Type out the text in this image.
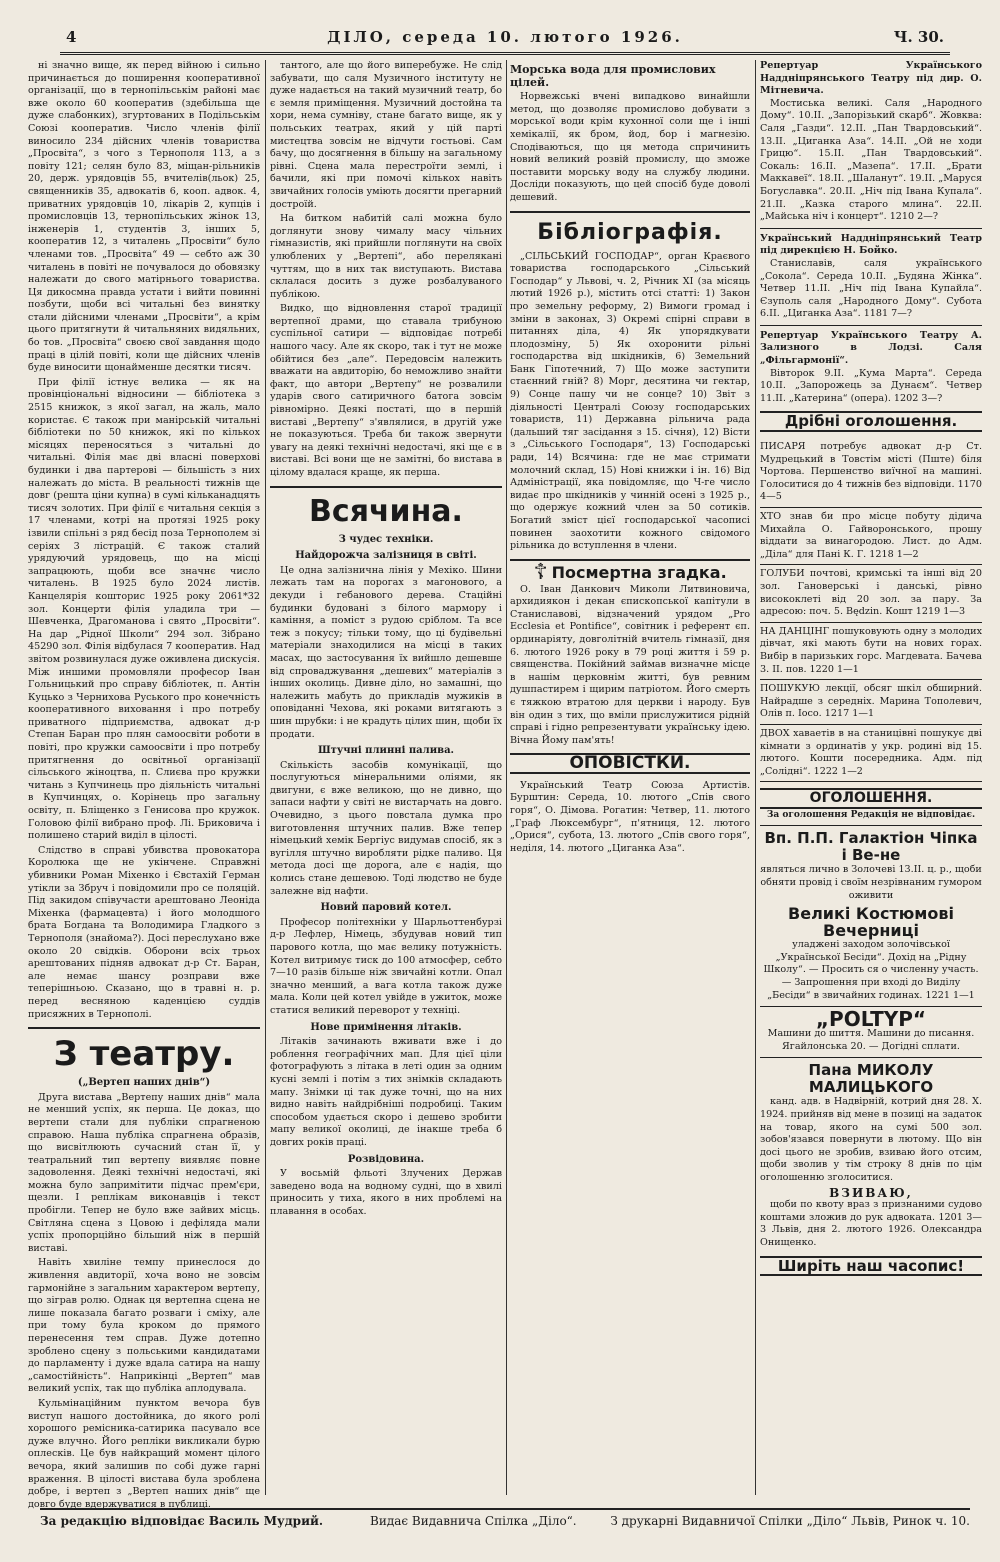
4	ДІЛО, середа 10. лютого 1926.	Ч. 30.

ні значно вище, як перед війною і сильно причинається до поширення кооперативної організації, що в тернопільськім районі має вже около 60 кооператив (здебільша ще дуже слабонких), згуртованих в Подільськім Союзі кооператив. Число членів філії виносило 234 дійсних членів товариства „Просвіта“, з чого з Тернополя 113, а з повіту 121; селян було 83, міщан-рільників 20, держ. урядовців 55, вчителів(льок) 25, священників 35, адвокатів 6, кооп. адвок. 4, приватних урядовців 10, лікарів 2, купців і промисловців 13, тернопільських жінок 13, інженерів 1, студентів 3, інших 5, кооператив 12, з читалень „Просвіти“ було членами тов. „Просвіта“ 49 — себто аж 30 читалень в повіті не почувалося до обовязку належати до свого матірнього товариства. Ця дикосмна правда устати і вийти повинні позбути, щоби всі читальні без винятку стали дійсними членами „Просвіти“, а крім цього притягнути й читальняних видяльних, бо тов. „Просвіта“ своєю свої завдання щодо праці в цілій повіті, коли ще дійсних членів буде виносити щонайменше десятки тисяч.

При філії істнує велика — як на провінціональні відносини — бібліотека з 2515 книжок, з якої загал, на жаль, мало користає. Є також при манірській читальні бібліотеки по 50 книжок, які по кількох місяцях переносяться з читальні до читальні. Філія має дві власні поверхові будинки і два партерові — більшість з них належать до міста. В реальності тижнів ще довг (решта ціни купна) в сумі кільканадцять тисяч золотих. При філії є читальня секція з 17 членами, котрі на протязі 1925 року ізвили спільні з ряд бесід поза Тернополем зі серіях 3 лістрацій. Є також сталий урядуючий урядовець, що на місці запрацюють, щоби все значнє число читалень. В 1925 було 2024 листів. Канцелярія кошторис 1925 року 2061*32 зол. Концерти філія уладила три — Шевченка, Драгоманова і свято „Просвіти“. На дар „Рідної Школи“ 294 зол. Зібрано 45290 зол. Філія відбулася 7 кооператив. Над звітом розвинулася дуже оживлена дискусія. Між иншими промовляли професор Іван Гольницький про справу бібліотек, п. Антін Куцько з Чернихова Руського про конечність кооперативного виховання і про потребу приватного підприємства, адвокат д-р Степан Баран про плян самоосвіти роботи в повіті, про кружки самоосвіти і про потребу притягнення до освітньої організації сільського жіноцтва, п. Слиєва про кружки читань з Купчинець про діяльність читальні в Купчинцях, о. Корінець про загальну освіту, п. Бліщенко з Генисова про кружок. Головою філії вибрано проф. Лі. Бриковича і полишено старий виділ в цілості.

Слідство в справі убивства провокатора Королюка ще не укінчене. Справжні убивники Роман Міхенко і Євстахій Герман утікли за Збруч і повідомили про се поляцій. Під закидом співучасти арештовано Леоніда Міхенка (фармацевта) і його молодшого брата Богдана та Володимира Гладкого з Тернополя (знайома?). Досі переслухано вже около 20 свідків. Оборони всіх трьох арештованих підняв адвокат д-р Ст. Баран, але немає шансу розправи вже теперішньою. Сказано, що в травні н. р. перед весняною каденцією суддів присяжних в Тернополі.

З театру.
(„Вертеп наших днів“)

Друга вистава „Вертепу наших днів“ мала не менший успіх, як перша. Це доказ, що вертепи стали для публіки спрагненою справою. Наша публіка спрагнена образів, що висвітлюють сучасний стан її, у театральний тип вертепу виявляє повне задоволення. Деякі технічні недостачі, які можна було запримітити підчас прем'єри, щезли. І реплікам виконавців і текст пробігли. Тепер не було вже зайвих місць. Світляна сцена з Цовою і дефіляда мали успіх пропорційно більший ніж в першій виставі.

Навіть хвиліне темпу принеслося до живлення авдиторії, хоча воно не зовсім гармонійне з загальним характером вертепу, що зіграв ролю. Однак ця вертепна сцена не лише показала багато розваги і сміху, але при тому була кроком до прямого перенесення тем справ. Дуже дотепно зроблено сцену з польськими кандидатами до парламенту і дуже вдала сатира на нашу „самостійність“. Наприкінці „Вертеп“ мав великий успіх, так що публіка аплодувала.

Кульмінаційним пунктом вечора був виступ нашого достойника, до якого ролі хорошого ремісника-сатирика пасувало все дуже влучно. Його репліки викликали бурю оплесків. Це був найкращий момент цілого вечора, який залишив по собі дуже гарні враження. В цілості вистава була зроблена добре, і вертеп з „Вертеп наших днів“ ще довго буде вдержуватися в публиці.

тантого, але що його виперебуже. Не слід забувати, що саля Музичного інституту не дуже надається на такий музичний театр, бо є земля приміщення. Музичний достойна та хори, нема сумніву, стане багато вище, як у польських театрах, який у цій парті мистецтва зовсім не відчути гостьові. Сам бачу, що досягнення в більшу на загальному рівні. Сцена мала перестроїти землі, і бачили, які при помочі кількох навіть звичайних голосів уміють досягти прегарний достроїй.

На битком набитій салі можна було доглянути знову чималу масу чільних гімназистів, які прийшли поглянути на своїх улюблених у „Вертепі“, або перелякані чуттям, що в них так виступають. Вистава склалася досить з дуже розбалуваного публікою.

Видко, що відновлення старої традиції вертепної драми, що ставала трибуною суспільної сатири — відповідає потребі нашого часу. Але як скоро, так і тут не може обійтися без „але“. Передовсім належить вважати на авдиторію, бо неможливо знайти факт, що автори „Вертепу“ не розвалили ударів свого сатиричного батога зовсім рівномірно. Деякі постаті, що в першій виставі „Вертепу“ з'являлися, в другій уже не показуються. Треба би також звернути увагу на деякі технічні недостачі, які ще є в виставі. Всі вони ще не замітні, бо вистава в цілому вдалася краще, як перша.

Всячина.
З чудес техніки.
Найдорожча залізниця в світі.

Це одна залізнична лінія у Мехіко. Шини лежать там на порогах з магонового, а декуди і гебанового дерева. Стаційні будинки будовані з білого мармору і каміння, а поміст з рудою сріблом. Та все теж з покусу; тільки тому, що ці будівельні матеріали знаходилися на місці в таких масах, що застосування їх вийшло дешевше від спроваджування „дешевих“ матеріалів з інших околиць. Дивне діло, но замашні, що належить мабуть до прикладів мужиків в оповіданні Чехова, які роками витягають з шин шрубки: і не крадуть цілих шин, щоби їх продати.

Штучні плинні палива.

Скількість засобів комунікації, що послугуються мінеральними оліями, як двигуни, є вже великою, що не дивно, що запаси нафти у світі не вистарчать на довго. Очевидно, з цього повстала думка про виготовлення штучних палив. Вже тепер німецький хемік Бергіус видумав спосіб, як з вугілля штучно виробляти рідке паливо. Ця метода досі ще дорога, але є надія, що колись стане дешевою. Тоді людство не буде залежне від нафти.

Новий паровий котел.

Професор політехніки у Шарльоттенбурзі д-р Лефлер, Німець, збудував новий тип парового котла, що має велику потужність. Котел витримує тиск до 100 атмосфер, себто 7—10 разів більше ніж звичайні котли. Опал значно менший, а вага котла також дуже мала. Коли цей котел увійде в ужиток, може статися великий переворот у техніці.

Нове примінення літаків.

Літаків зачинають вживати вже і до роблення географічних мап. Для цієї ціли фотографують з літака в леті один за одним кусні землі і потім з тих знімків складають мапу. Знімки ці так дуже точні, що на них видно навіть найдрібніші подробиці. Таким способом удається скоро і дешево зробити мапу великої околиці, де інакше треба б довгих років праці.

Розвідовина.

У восьмій фльоті Злучених Держав заведено вода на водному судні, що в хвилі приносить у тиха, якого в них проблемі на плавання в особах.

Морська вода для промислових цілей.

Норвежські вчені випадково винайшли метод, що дозволяє промислово добувати з морської води крім кухонної соли ще і інші хемікалії, як бром, йод, бор і магнезію. Сподіваються, що ця метода спричинить новий великий розвій промислу, що зможе поставити морську воду на службу людини. Досліди показують, що цей спосіб буде доволі дешевий.

Бібліографія.

„СІЛЬСЬКИЙ ГОСПОДАР“, орган Краєвого товариства господарського „Сільський Господар“ у Львові, ч. 2, Річник XI (за місяць лютий 1926 р.), містить отсі статті: 1) Закон про земельну реформу, 2) Вимоги громад і зміни в законах, 3) Окремі спірні справи в питаннях діла, 4) Як упорядкувати плодозміну, 5) Як охоронити рільні господарства від шкідників, 6) Земельний Банк Гіпотечний, 7) Що може заступити стаєнний гній? 8) Морг, десятина чи гектар, 9) Сонце пашу чи не сонце? 10) Звіт з діяльності Централі Союзу господарських товариств, 11) Державна рільнича рада (дальший тяг засідання з 15. січня), 12) Вісти з „Сільського Господаря“, 13) Господарські ради, 14) Всячина: где не має стримати молочний склад, 15) Нові книжки і ін. 16) Від Адміністрації, яка повідомляє, що Ч-ге число видає про шкідників у чинній осені з 1925 р., що одержує кожний член за 50 сотиків. Богатий зміст цієї господарської часописі повинен заохотити кожного свідомого рільника до вступлення в члени.

☦ Посмертна згадка.

О. Іван Данкович Миколи Литвиновича, архидиякон і декан єпископської капітули в Станиславові, відзначений урядом „Pro Ecclesia et Pontifice“, совітник і референт єп. ординаріяту, довголітній вчитель гімназії, дня 6. лютого 1926 року в 79 році життя і 59 р. священства. Покійний займав визначне місце в нашім церковнім житті, був ревним душпастирем і щирим патріотом. Його смерть є тяжкою втратою для церкви і народу. Був він один з тих, що вміли прислужитися рідній справі і гідно репрезентувати українську ідею. Вічна Йому пам'ять!

ОПОВІСТКИ.

Український Театр Союза Артистів. Бурштин: Середа, 10. лютого „Спів свого горя“, О. Дімова. Рогатин: Четвер, 11. лютого „Граф Люксембург“, п'ятниця, 12. лютого „Орися“, субота, 13. лютого „Спів свого горя“, неділя, 14. лютого „Циганка Аза“.

Репертуар Українського Наддніпрянського Театру під дир. О. Мітневича.

Мостиська великі. Саля „Народного Дому“. 10.II. „Запорізький скарб“. Жовква: Саля „Газди“. 12.II. „Пан Твардовський“. 13.II. „Циганка Аза“. 14.II. „Ой не ходи Грицю“. 15.II. „Пан Твардовський“. Сокаль: 16.II. „Мазепа“. 17.II. „Брати Маккавеї“. 18.II. „Шаланут“. 19.II. „Маруся Богуславка“. 20.II. „Ніч під Івана Купала“. 21.II. „Казка старого млина“. 22.II. „Майська ніч і концерт“. 1210 2—?

Український Наддніпрянський Театр під дирекцією Н. Бойко.

Станиславів, саля українського „Сокола“. Середа 10.II. „Будяна Жінка“. Четвер 11.II. „Ніч під Івана Купайла“. Єзуполь саля „Народного Дому“. Субота 6.II. „Циганка Аза“. 1181 7—?

Репертуар Українського Театру А. Зализного в Лодзі. Саля „Фільгармонії“.

Вівторок 9.II. „Кума Марта“. Середа 10.II. „Запорожець за Дунаєм“. Четвер 11.II. „Катерина“ (опера). 1202 3—?

Дрібні оголошення.
ПИСАРЯ потребує адвокат д-р Ст. Мудрецький в Товстім місті (Пште) біля Чортова. Першенство виїчної на машині. Голоситися до 4 тижнів без відповіди. 1170 4—5
ХТО знав би про місце побуту дідича Михайла О. Гайворонського, прошу віддати за винагородою. Лист. до Адм. „Діла“ для Пані К. Г. 1218 1—2
ГОЛУБИ почтові, кримські та інші від 20 зол. Гановерські і данські, рівно висококлеті від 20 зол. за пару. За адресою: поч. 5. Będzin. Кошт 1219 1—3
НА ДАНЦІНГ пошуковують одну з молодих дівчат, які мають бути на нових горах. Вибір в паризьких горс. Магдевата. Бачева 3. II. пов. 1220 1—1
ПОШУКУЮ лекції, обсяг шкіл обширний. Найрадше з середніх. Марина Тополевич, Олів п. Іосо. 1217 1—1
ДВОХ хаваетів в на станицівні пошукує дві кімнати з ординатів у укр. родині від 15. лютого. Кошти посередника. Адм. під „Солідні“. 1222 1—2
ОГОЛОШЕННЯ.
За оголошення Редакція не відповідає.
Вп. П.П. Галактіон Чіпка і Ве-не
являться лично в Золочеві 13.II. ц. р., щоби обняти провід і своїм незрівнаним гумором оживити
Великі Костюмові Вечерниці
уладжені заходом золочівської „Української Бесіди“. Дохід на „Рідну Школу“. — Просить ся о численну участь. — Запрошення при вході до Виділу „Бесіди“ в звичайних годинах. 1221 1—1
„POLTYP“
Машини до шиття. Машини до писання. Ягайлонська 20. — Догідні сплати.
Пана МИКОЛУ МАЛИЦЬКОГО

канд. адв. в Надвірній, котрий дня 28. X. 1924. прийняв від мене в позиці на задаток на товар, якого на сумі 500 зол. зобов'язався повернути в лютому. Що він досі цього не зробив, взиваю його отсим, щоби зволив у тім строку 8 днів по цім оголошенню зголоситися.

ВЗИВАЮ,

щоби по квоту враз з признаними судово коштами зложив до рук адвоката. 1201 3—3 Львів, дня 2. лютого 1926. Олександра Онищенко.

Ширіть наш часопис!
За редакцію відповідає Василь Мудрий.	Видає Видавнича Спілка „Діло“.	З друкарні Видавничої Спілки „Діло“ Львів, Ринок ч. 10.
